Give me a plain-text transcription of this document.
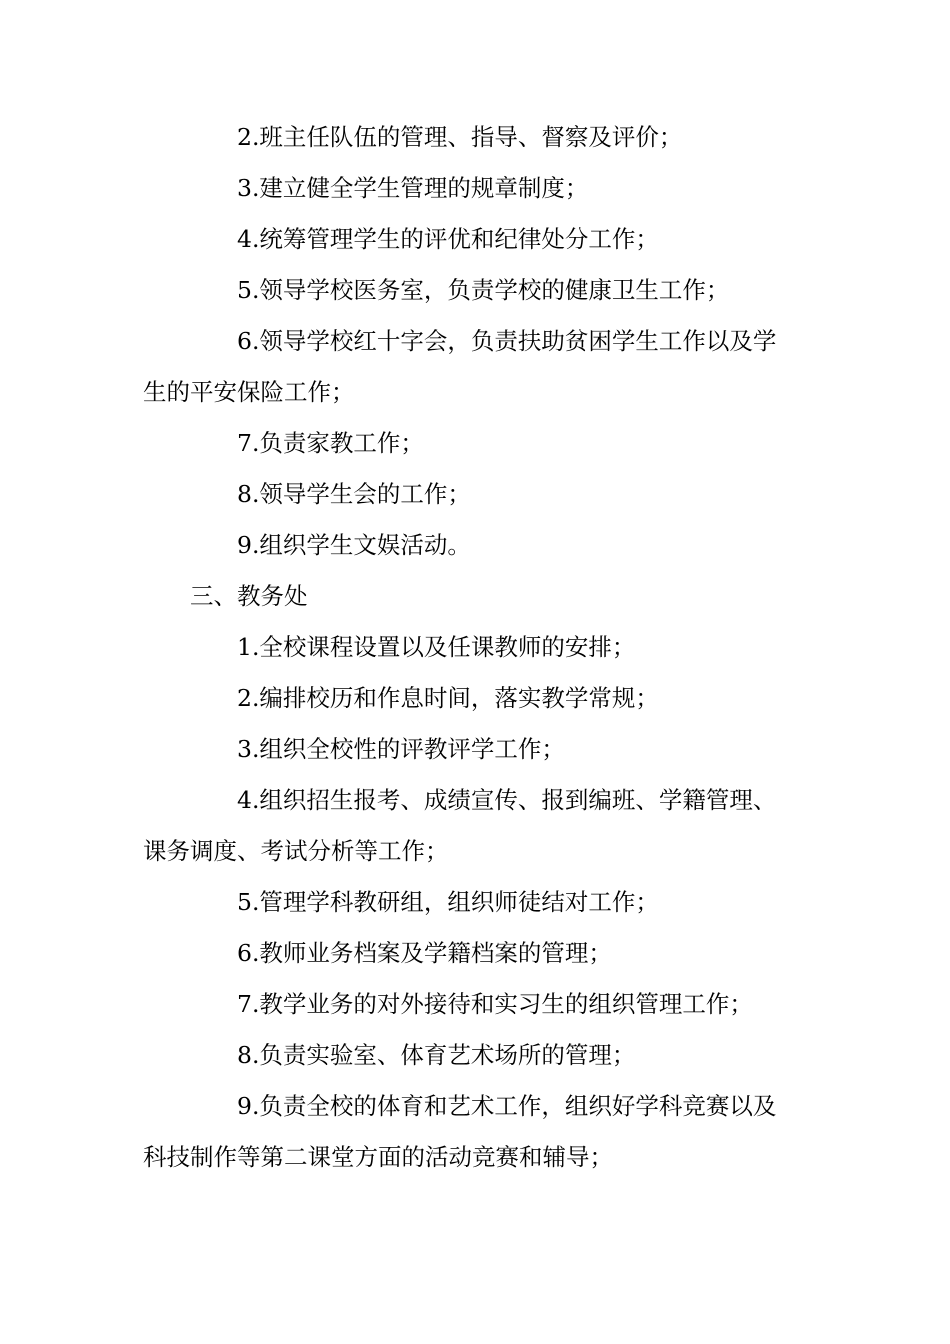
2.班主任队伍的管理、指导、督察及评价；

3.建立健全学生管理的规章制度；

4.统筹管理学生的评优和纪律处分工作；

5.领导学校医务室，负责学校的健康卫生工作；

6.领导学校红十字会，负责扶助贫困学生工作以及学生的平安保险工作；

7.负责家教工作；

8.领导学生会的工作；

9.组织学生文娱活动。

三、教务处

1.全校课程设置以及任课教师的安排；

2.编排校历和作息时间，落实教学常规；

3.组织全校性的评教评学工作；

4.组织招生报考、成绩宣传、报到编班、学籍管理、课务调度、考试分析等工作；

5.管理学科教研组，组织师徒结对工作；

6.教师业务档案及学籍档案的管理；

7.教学业务的对外接待和实习生的组织管理工作；

8.负责实验室、体育艺术场所的管理；

9.负责全校的体育和艺术工作，组织好学科竞赛以及科技制作等第二课堂方面的活动竞赛和辅导；
